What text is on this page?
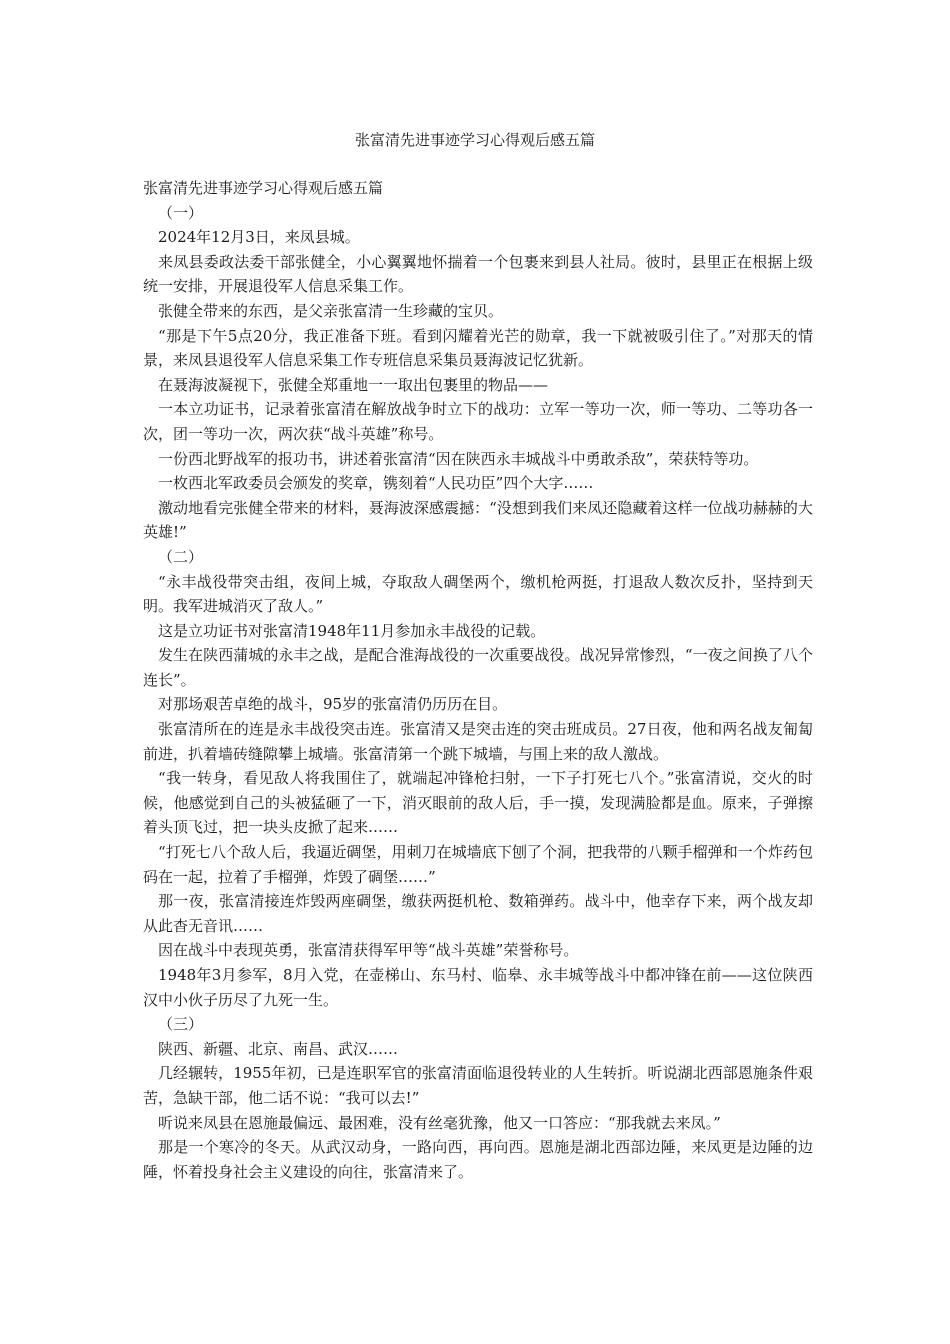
张富清先进事迹学习心得观后感五篇

张富清先进事迹学习心得观后感五篇

（一）

2024年12月3日，来凤县城。

来凤县委政法委干部张健全，小心翼翼地怀揣着一个包裹来到县人社局。彼时，县里正在根据上级统一安排，开展退役军人信息采集工作。

张健全带来的东西，是父亲张富清一生珍藏的宝贝。

“那是下午5点20分，我正准备下班。看到闪耀着光芒的勋章，我一下就被吸引住了。”对那天的情景，来凤县退役军人信息采集工作专班信息采集员聂海波记忆犹新。

在聂海波凝视下，张健全郑重地一一取出包裹里的物品——

一本立功证书，记录着张富清在解放战争时立下的战功：立军一等功一次，师一等功、二等功各一次，团一等功一次，两次获“战斗英雄”称号。

一份西北野战军的报功书，讲述着张富清“因在陕西永丰城战斗中勇敢杀敌”，荣获特等功。

一枚西北军政委员会颁发的奖章，镌刻着“人民功臣”四个大字……

激动地看完张健全带来的材料，聂海波深感震撼：“没想到我们来凤还隐藏着这样一位战功赫赫的大英雄!”

（二）

“永丰战役带突击组，夜间上城，夺取敌人碉堡两个，缴机枪两挺，打退敌人数次反扑，坚持到天明。我军进城消灭了敌人。”

这是立功证书对张富清1948年11月参加永丰战役的记载。

发生在陕西蒲城的永丰之战，是配合淮海战役的一次重要战役。战况异常惨烈，“一夜之间换了八个连长”。

对那场艰苦卓绝的战斗，95岁的张富清仍历历在目。

张富清所在的连是永丰战役突击连。张富清又是突击连的突击班成员。27日夜，他和两名战友匍匐前进，扒着墙砖缝隙攀上城墙。张富清第一个跳下城墙，与围上来的敌人激战。

“我一转身，看见敌人将我围住了，就端起冲锋枪扫射，一下子打死七八个。”张富清说，交火的时候，他感觉到自己的头被猛砸了一下，消灭眼前的敌人后，手一摸，发现满脸都是血。原来，子弹擦着头顶飞过，把一块头皮掀了起来……

“打死七八个敌人后，我逼近碉堡，用刺刀在城墙底下刨了个洞，把我带的八颗手榴弹和一个炸药包码在一起，拉着了手榴弹，炸毁了碉堡……”

那一夜，张富清接连炸毁两座碉堡，缴获两挺机枪、数箱弹药。战斗中，他幸存下来，两个战友却从此杳无音讯……

因在战斗中表现英勇，张富清获得军甲等“战斗英雄”荣誉称号。

1948年3月参军，8月入党，在壶梯山、东马村、临皋、永丰城等战斗中都冲锋在前——这位陕西汉中小伙子历尽了九死一生。

（三）

陕西、新疆、北京、南昌、武汉……

几经辗转，1955年初，已是连职军官的张富清面临退役转业的人生转折。听说湖北西部恩施条件艰苦，急缺干部，他二话不说：“我可以去!”

听说来凤县在恩施最偏远、最困难，没有丝毫犹豫，他又一口答应：“那我就去来凤。”

那是一个寒冷的冬天。从武汉动身，一路向西，再向西。恩施是湖北西部边陲，来凤更是边陲的边陲，怀着投身社会主义建设的向往，张富清来了。
